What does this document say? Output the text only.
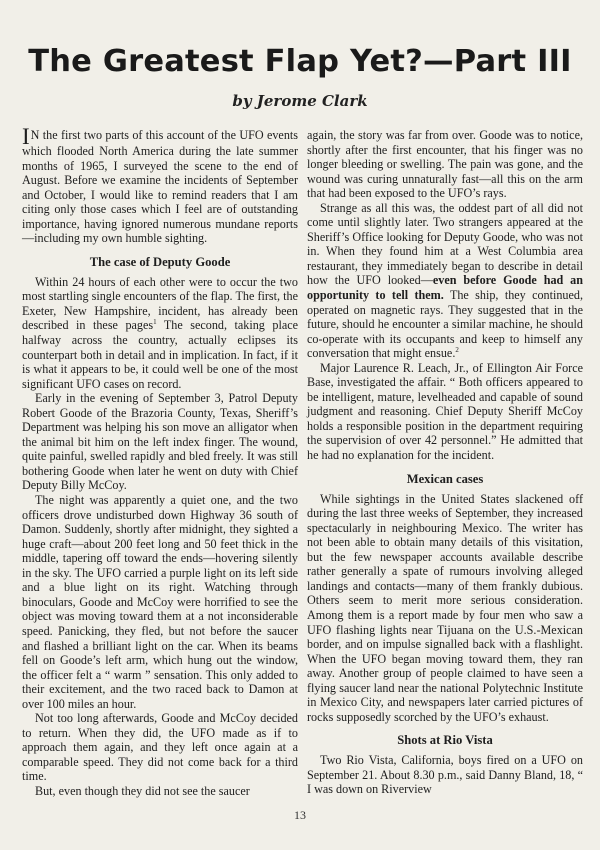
The Greatest Flap Yet?—Part III
by Jerome Clark

IN the first two parts of this account of the UFO events which flooded North America during the late summer months of 1965, I surveyed the scene to the end of August. Before we examine the incidents of September and October, I would like to remind readers that I am citing only those cases which I feel are of outstanding importance, having ignored numerous mundane reports—including my own humble sighting.

The case of Deputy Goode

Within 24 hours of each other were to occur the two most startling single encounters of the flap. The first, the Exeter, New Hampshire, incident, has already been described in these pages$^1$ The second, taking place halfway across the country, actually eclipses its counterpart both in detail and in implication. In fact, if it is what it appears to be, it could well be one of the most significant UFO cases on record.

Early in the evening of September 3, Patrol Deputy Robert Goode of the Brazoria County, Texas, Sheriff’s Department was helping his son move an alligator when the animal bit him on the left index finger. The wound, quite painful, swelled rapidly and bled freely. It was still bothering Goode when later he went on duty with Chief Deputy Billy McCoy.

The night was apparently a quiet one, and the two officers drove undisturbed down Highway 36 south of Damon. Suddenly, shortly after midnight, they sighted a huge craft—about 200 feet long and 50 feet thick in the middle, tapering off toward the ends—hovering silently in the sky. The UFO carried a purple light on its left side and a blue light on its right. Watching through binoculars, Goode and McCoy were horrified to see the object was moving toward them at a not inconsiderable speed. Panicking, they fled, but not before the saucer and flashed a brilliant light on the car. When its beams fell on Goode’s left arm, which hung out the window, the officer felt a “ warm ” sensation. This only added to their excitement, and the two raced back to Damon at over 100 miles an hour.

Not too long afterwards, Goode and McCoy decided to return. When they did, the UFO made as if to approach them again, and they left once again at a comparable speed. They did not come back for a third time.

But, even though they did not see the saucer

again, the story was far from over. Goode was to notice, shortly after the first encounter, that his finger was no longer bleeding or swelling. The pain was gone, and the wound was curing unnaturally fast—all this on the arm that had been exposed to the UFO’s rays.

Strange as all this was, the oddest part of all did not come until slightly later. Two strangers appeared at the Sheriff’s Office looking for Deputy Goode, who was not in. When they found him at a West Columbia area restaurant, they immediately began to describe in detail how the UFO looked—even before Goode had an opportunity to tell them. The ship, they continued, operated on magnetic rays. They suggested that in the future, should he encounter a similar machine, he should co-operate with its occupants and keep to himself any conversation that might ensue.$^2$

Major Laurence R. Leach, Jr., of Ellington Air Force Base, investigated the affair. “ Both officers appeared to be intelligent, mature, levelheaded and capable of sound judgment and reasoning. Chief Deputy Sheriff McCoy holds a responsible position in the department requiring the supervision of over 42 personnel.” He admitted that he had no explanation for the incident.

Mexican cases

While sightings in the United States slackened off during the last three weeks of September, they increased spectacularly in neighbouring Mexico. The writer has not been able to obtain many details of this visitation, but the few newspaper accounts available describe rather generally a spate of rumours involving alleged landings and contacts—many of them frankly dubious. Others seem to merit more serious consideration. Among them is a report made by four men who saw a UFO flashing lights near Tijuana on the U.S.-Mexican border, and on impulse signalled back with a flashlight. When the UFO began moving toward them, they ran away. Another group of people claimed to have seen a flying saucer land near the national Polytechnic Institute in Mexico City, and newspapers later carried pictures of rocks supposedly scorched by the UFO’s exhaust.

Shots at Rio Vista

Two Rio Vista, California, boys fired on a UFO on September 21. About 8.30 p.m., said Danny Bland, 18, “ I was down on Riverview

13
